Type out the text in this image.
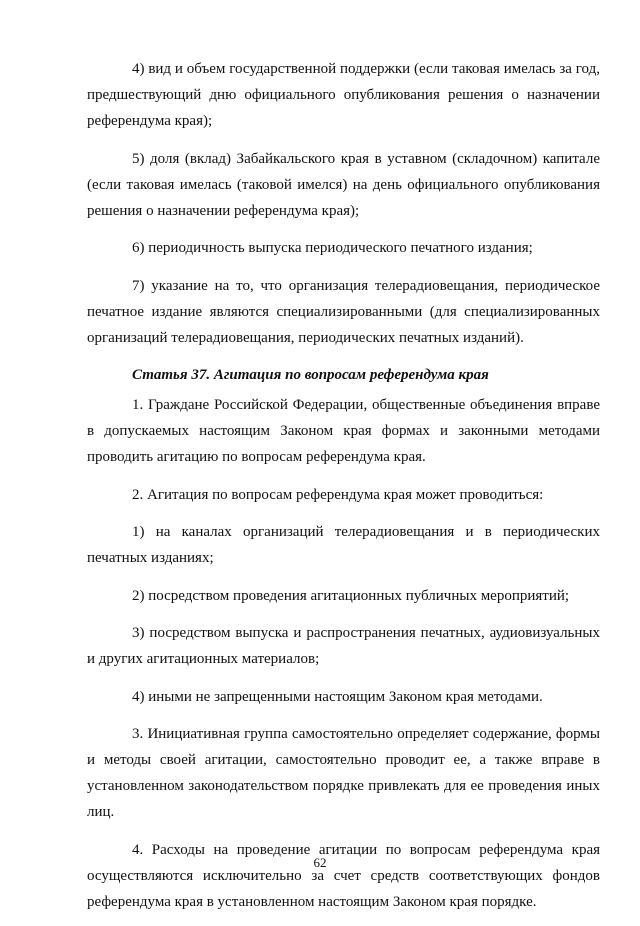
4) вид и объем государственной поддержки (если таковая имелась за год, предшествующий дню официального опубликования решения о назначении референдума края);

5) доля (вклад) Забайкальского края в уставном (складочном) капитале (если таковая имелась (таковой имелся) на день официального опубликования решения о назначении референдума края);

6) периодичность выпуска периодического печатного издания;

7) указание на то, что организация телерадиовещания, периодическое печатное издание являются специализированными (для специализированных организаций телерадиовещания, периодических печатных изданий).

Статья 37. Агитация по вопросам референдума края

1. Граждане Российской Федерации, общественные объединения вправе в допускаемых настоящим Законом края формах и законными методами проводить агитацию по вопросам референдума края.

2. Агитация по вопросам референдума края может проводиться:

1) на каналах организаций телерадиовещания и в периодических печатных изданиях;

2) посредством проведения агитационных публичных мероприятий;

3) посредством выпуска и распространения печатных, аудиовизуальных и других агитационных материалов;

4) иными не запрещенными настоящим Законом края методами.

3. Инициативная группа самостоятельно определяет содержание, формы и методы своей агитации, самостоятельно проводит ее, а также вправе в установленном законодательством порядке привлекать для ее проведения иных лиц.

4. Расходы на проведение агитации по вопросам референдума края осуществляются исключительно за счет средств соответствующих фондов референдума края в установленном настоящим Законом края порядке.

62
